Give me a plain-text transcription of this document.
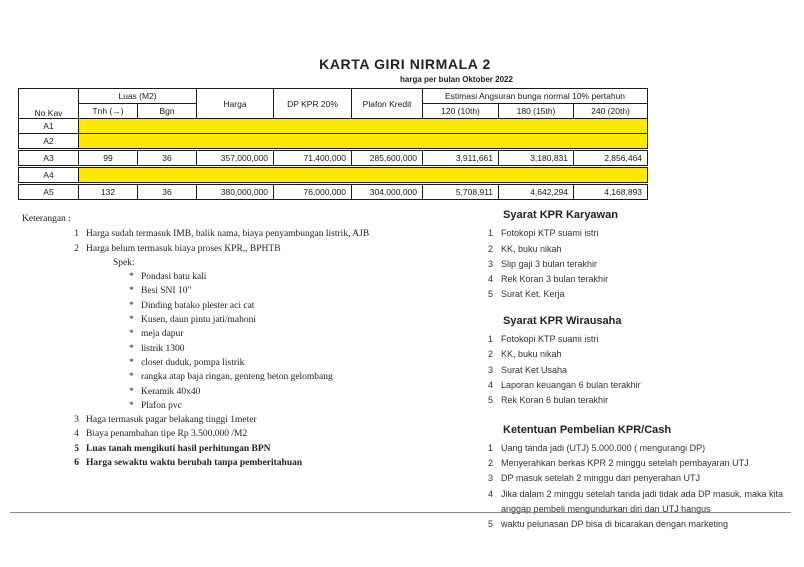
KARTA GIRI NIRMALA 2
harga per bulan Oktober 2022
No Kav	Luas (M2)		Harga	DP KPR 20%	Plafon Kredit	Estimasi Angsuran bunga normal 10% pertahun		
	Tnh (→)	Bgn				120 (10th)	180 (15th)	240 (20th)
A1								
A2								
A3	99	36	357,000,000	71,400,000	285,600,000	3,911,661	3,180,831	2,856,464
A4								
A5	132	36	380,000,000	76,000,000	304,000,000	5,708,911	4,642,294	4,168,893
Keterangan :
1 Harga sudah termasuk IMB, balik nama, biaya penyambungan listrik, AJB
2 Harga belum termasuk biaya proses KPR,, BPHTB
Spek:
* Pondasi batu kali
* Besi SNI 10"
* Dinding batako plester aci cat
* Kusen, daun pintu jati/mahoni
* meja dapur
* listrik 1300
* closet duduk, pompa listrik
* rangka atap baja ringan, genteng beton gelombang
* Keramik 40x40
* Plafon pvc
3 Haga termasuk pagar belakang tinggi 1meter
4 Biaya penambahan tipe Rp 3.500.000 /M2
5 Luas tanah mengikuti hasil perhitungan BPN
6 Harga sewaktu waktu berubah tanpa pemberitahuan
Syarat KPR Karyawan
1 Fotokopi KTP suami istri
2 KK, buku nikah
3 Slip gaji 3 bulan terakhir
4 Rek Koran 3 bulan terakhir
5 Surat Ket. Kerja
Syarat KPR Wirausaha
1 Fotokopi KTP suami istri
2 KK, buku nikah
3 Surat Ket Usaha
4 Laporan keuangan 6 bulan terakhir
5 Rek Koran 6 bulan terakhir
Ketentuan Pembelian KPR/Cash
1 Uang tanda jadi (UTJ) 5.000.000 ( mengurangi DP)
2 Menyerahkan berkas KPR 2 minggu setelah pembayaran UTJ
3 DP masuk setelah 2 minggu dari penyerahan UTJ
4 Jika dalam 2 minggu setelah tanda jadi tidak ada DP masuk, maka kita anggap pembeli mengundurkan diri dan UTJ hangus
5 waktu pelunasan DP bisa di bicarakan dengan marketing
